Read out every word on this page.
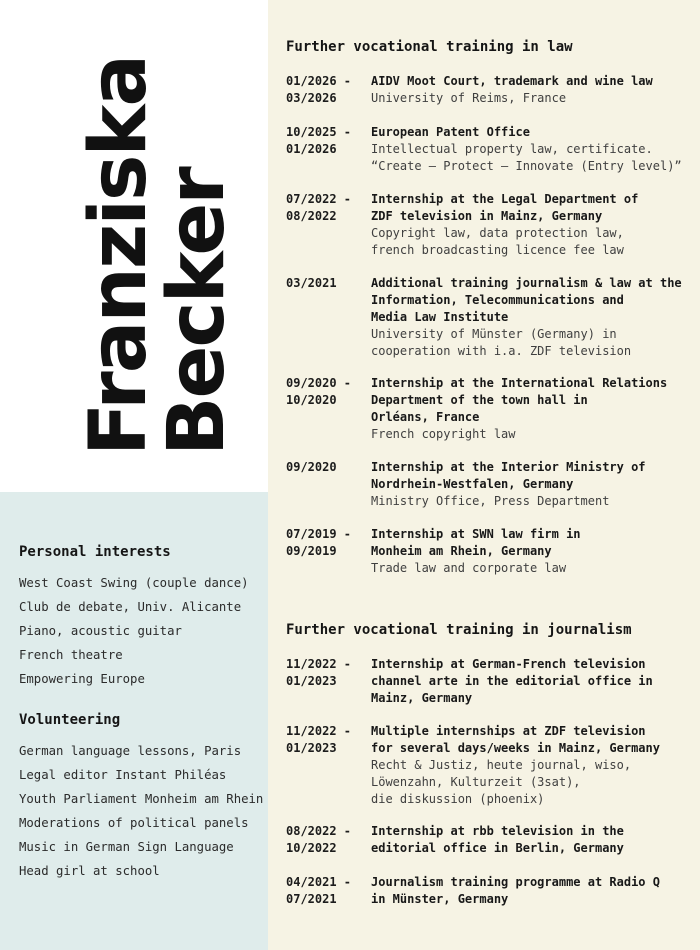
Franziska
Becker
Personal interests
West Coast Swing (couple dance)
Club de debate, Univ. Alicante
Piano, acoustic guitar
French theatre
Empowering Europe
Volunteering
German language lessons, Paris
Legal editor Instant Philéas
Youth Parliament Monheim am Rhein
Moderations of political panels
Music in German Sign Language
Head girl at school
Further vocational training in law
01/2026 -
03/2026
AIDV Moot Court, trademark and wine law
University of Reims, France
10/2025 -
01/2026
European Patent Office
Intellectual property law, certificate.
“Create – Protect – Innovate (Entry level)”
07/2022 -
08/2022
Internship at the Legal Department of
ZDF television in Mainz, Germany
Copyright law, data protection law,
french broadcasting licence fee law
03/2021	Additional training journalism & law at the
Information, Telecommunications and
Media Law Institute
University of Münster (Germany) in
cooperation with i.a. ZDF television
09/2020 -
10/2020
Internship at the International Relations
Department of the town hall in
Orléans, France
French copyright law
09/2020	Internship at the Interior Ministry of
Nordrhein-Westfalen, Germany
Ministry Office, Press Department
07/2019 -
09/2019
Internship at SWN law firm in
Monheim am Rhein, Germany
Trade law and corporate law
Further vocational training in journalism
11/2022 -
01/2023
Internship at German-French television
channel arte in the editorial office in
Mainz, Germany
11/2022 -
01/2023
Multiple internships at ZDF television
for several days/weeks in Mainz, Germany
Recht & Justiz, heute journal, wiso,
Löwenzahn, Kulturzeit (3sat),
die diskussion (phoenix)
08/2022 -
10/2022
Internship at rbb television in the
editorial office in Berlin, Germany
04/2021 -
07/2021
Journalism training programme at Radio Q
in Münster, Germany
